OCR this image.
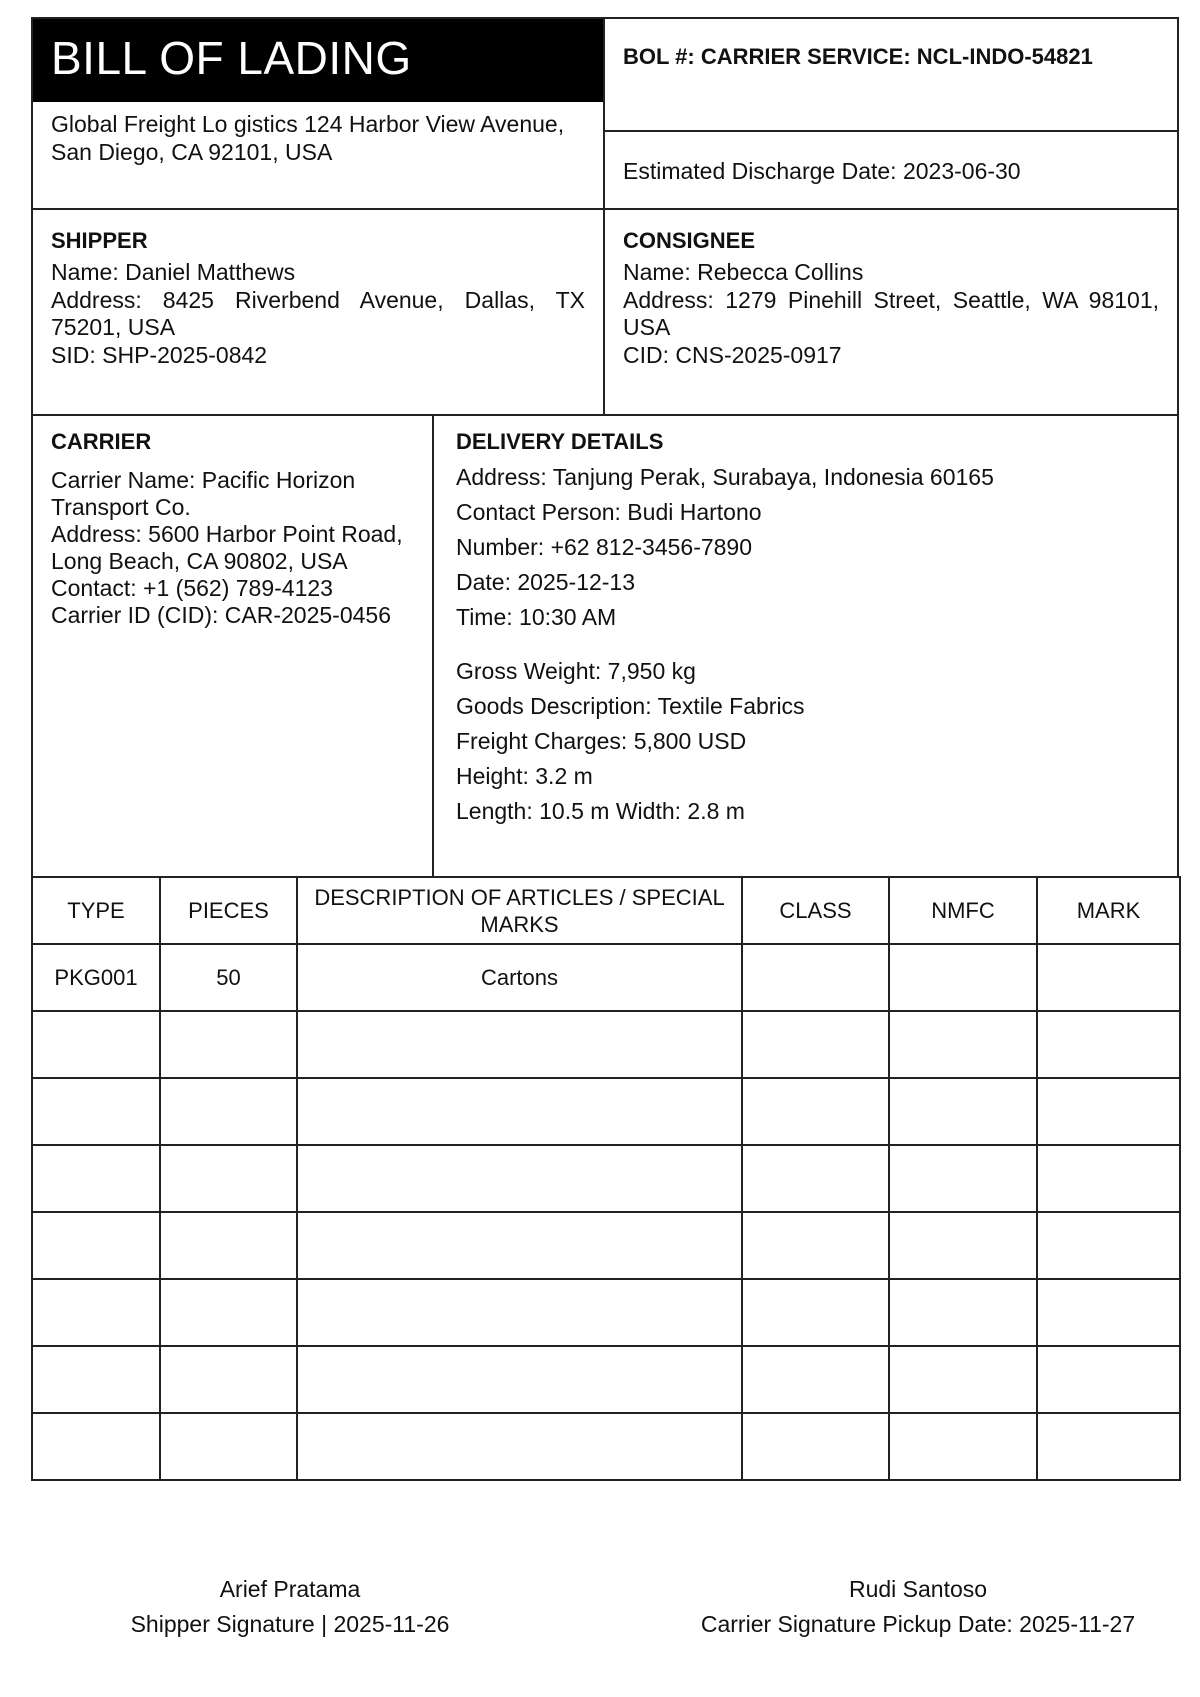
BILL OF LADING
Global Freight Lo gistics 124 Harbor View Avenue, San Diego, CA 92101, USA
BOL #: CARRIER SERVICE: NCL-INDO-54821
Estimated Discharge Date: 2023-06-30
SHIPPER
Name: Daniel Matthews
Address: 8425 Riverbend Avenue, Dallas, TX 75201, USA
SID: SHP-2025-0842
CONSIGNEE
Name: Rebecca Collins
Address: 1279 Pinehill Street, Seattle, WA 98101, USA
CID: CNS-2025-0917
CARRIER
Carrier Name: Pacific Horizon Transport Co.
Address: 5600 Harbor Point Road, Long Beach, CA 90802, USA
Contact: +1 (562) 789-4123
Carrier ID (CID): CAR-2025-0456
DELIVERY DETAILS
Address: Tanjung Perak, Surabaya, Indonesia 60165
Contact Person: Budi Hartono
Number: +62 812-3456-7890
Date: 2025-12-13
Time: 10:30 AM
Gross Weight: 7,950 kg
Goods Description: Textile Fabrics
Freight Charges: 5,800 USD
Height: 3.2 m
Length: 10.5 m Width: 2.8 m
TYPE	PIECES	DESCRIPTION OF ARTICLES / SPECIAL MARKS	CLASS	NMFC	MARK
PKG001	50	Cartons			

Arief Pratama
Shipper Signature | 2025-11-26
Rudi Santoso
Carrier Signature Pickup Date: 2025-11-27
